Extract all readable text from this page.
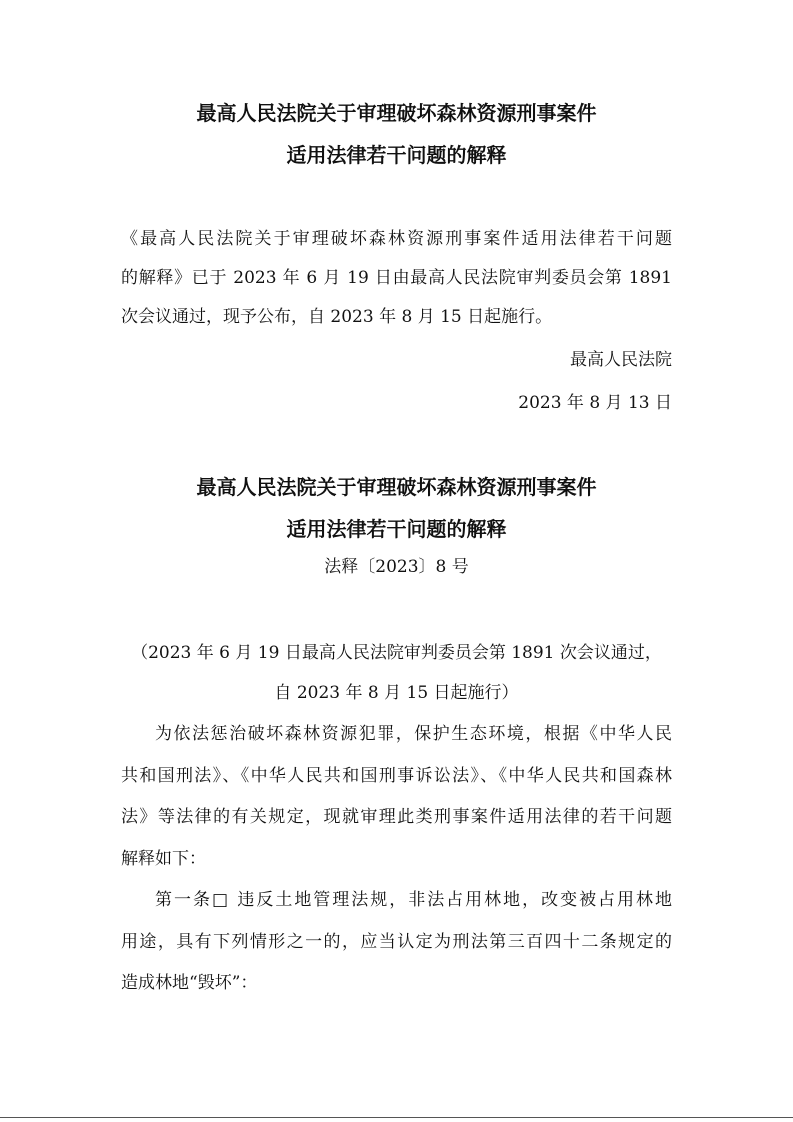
最高人民法院关于审理破坏森林资源刑事案件
适用法律若干问题的解释
《最高人民法院关于审理破坏森林资源刑事案件适用法律若干问题
的解释》已于 2023 年 6 月 19 日由最高人民法院审判委员会第 1891
次会议通过，现予公布，自 2023 年 8 月 15 日起施行。
最高人民法院
2023 年 8 月 13 日
最高人民法院关于审理破坏森林资源刑事案件
适用法律若干问题的解释
法释〔2023〕8 号
（2023 年 6 月 19 日最高人民法院审判委员会第 1891 次会议通过，
自 2023 年 8 月 15 日起施行）
为依法惩治破坏森林资源犯罪，保护生态环境，根据《中华人民
共和国刑法》、《中华人民共和国刑事诉讼法》、《中华人民共和国森林
法》等法律的有关规定，现就审理此类刑事案件适用法律的若干问题
解释如下：
第一条□ 违反土地管理法规，非法占用林地，改变被占用林地
用途，具有下列情形之一的，应当认定为刑法第三百四十二条规定的
造成林地“毁坏”：
